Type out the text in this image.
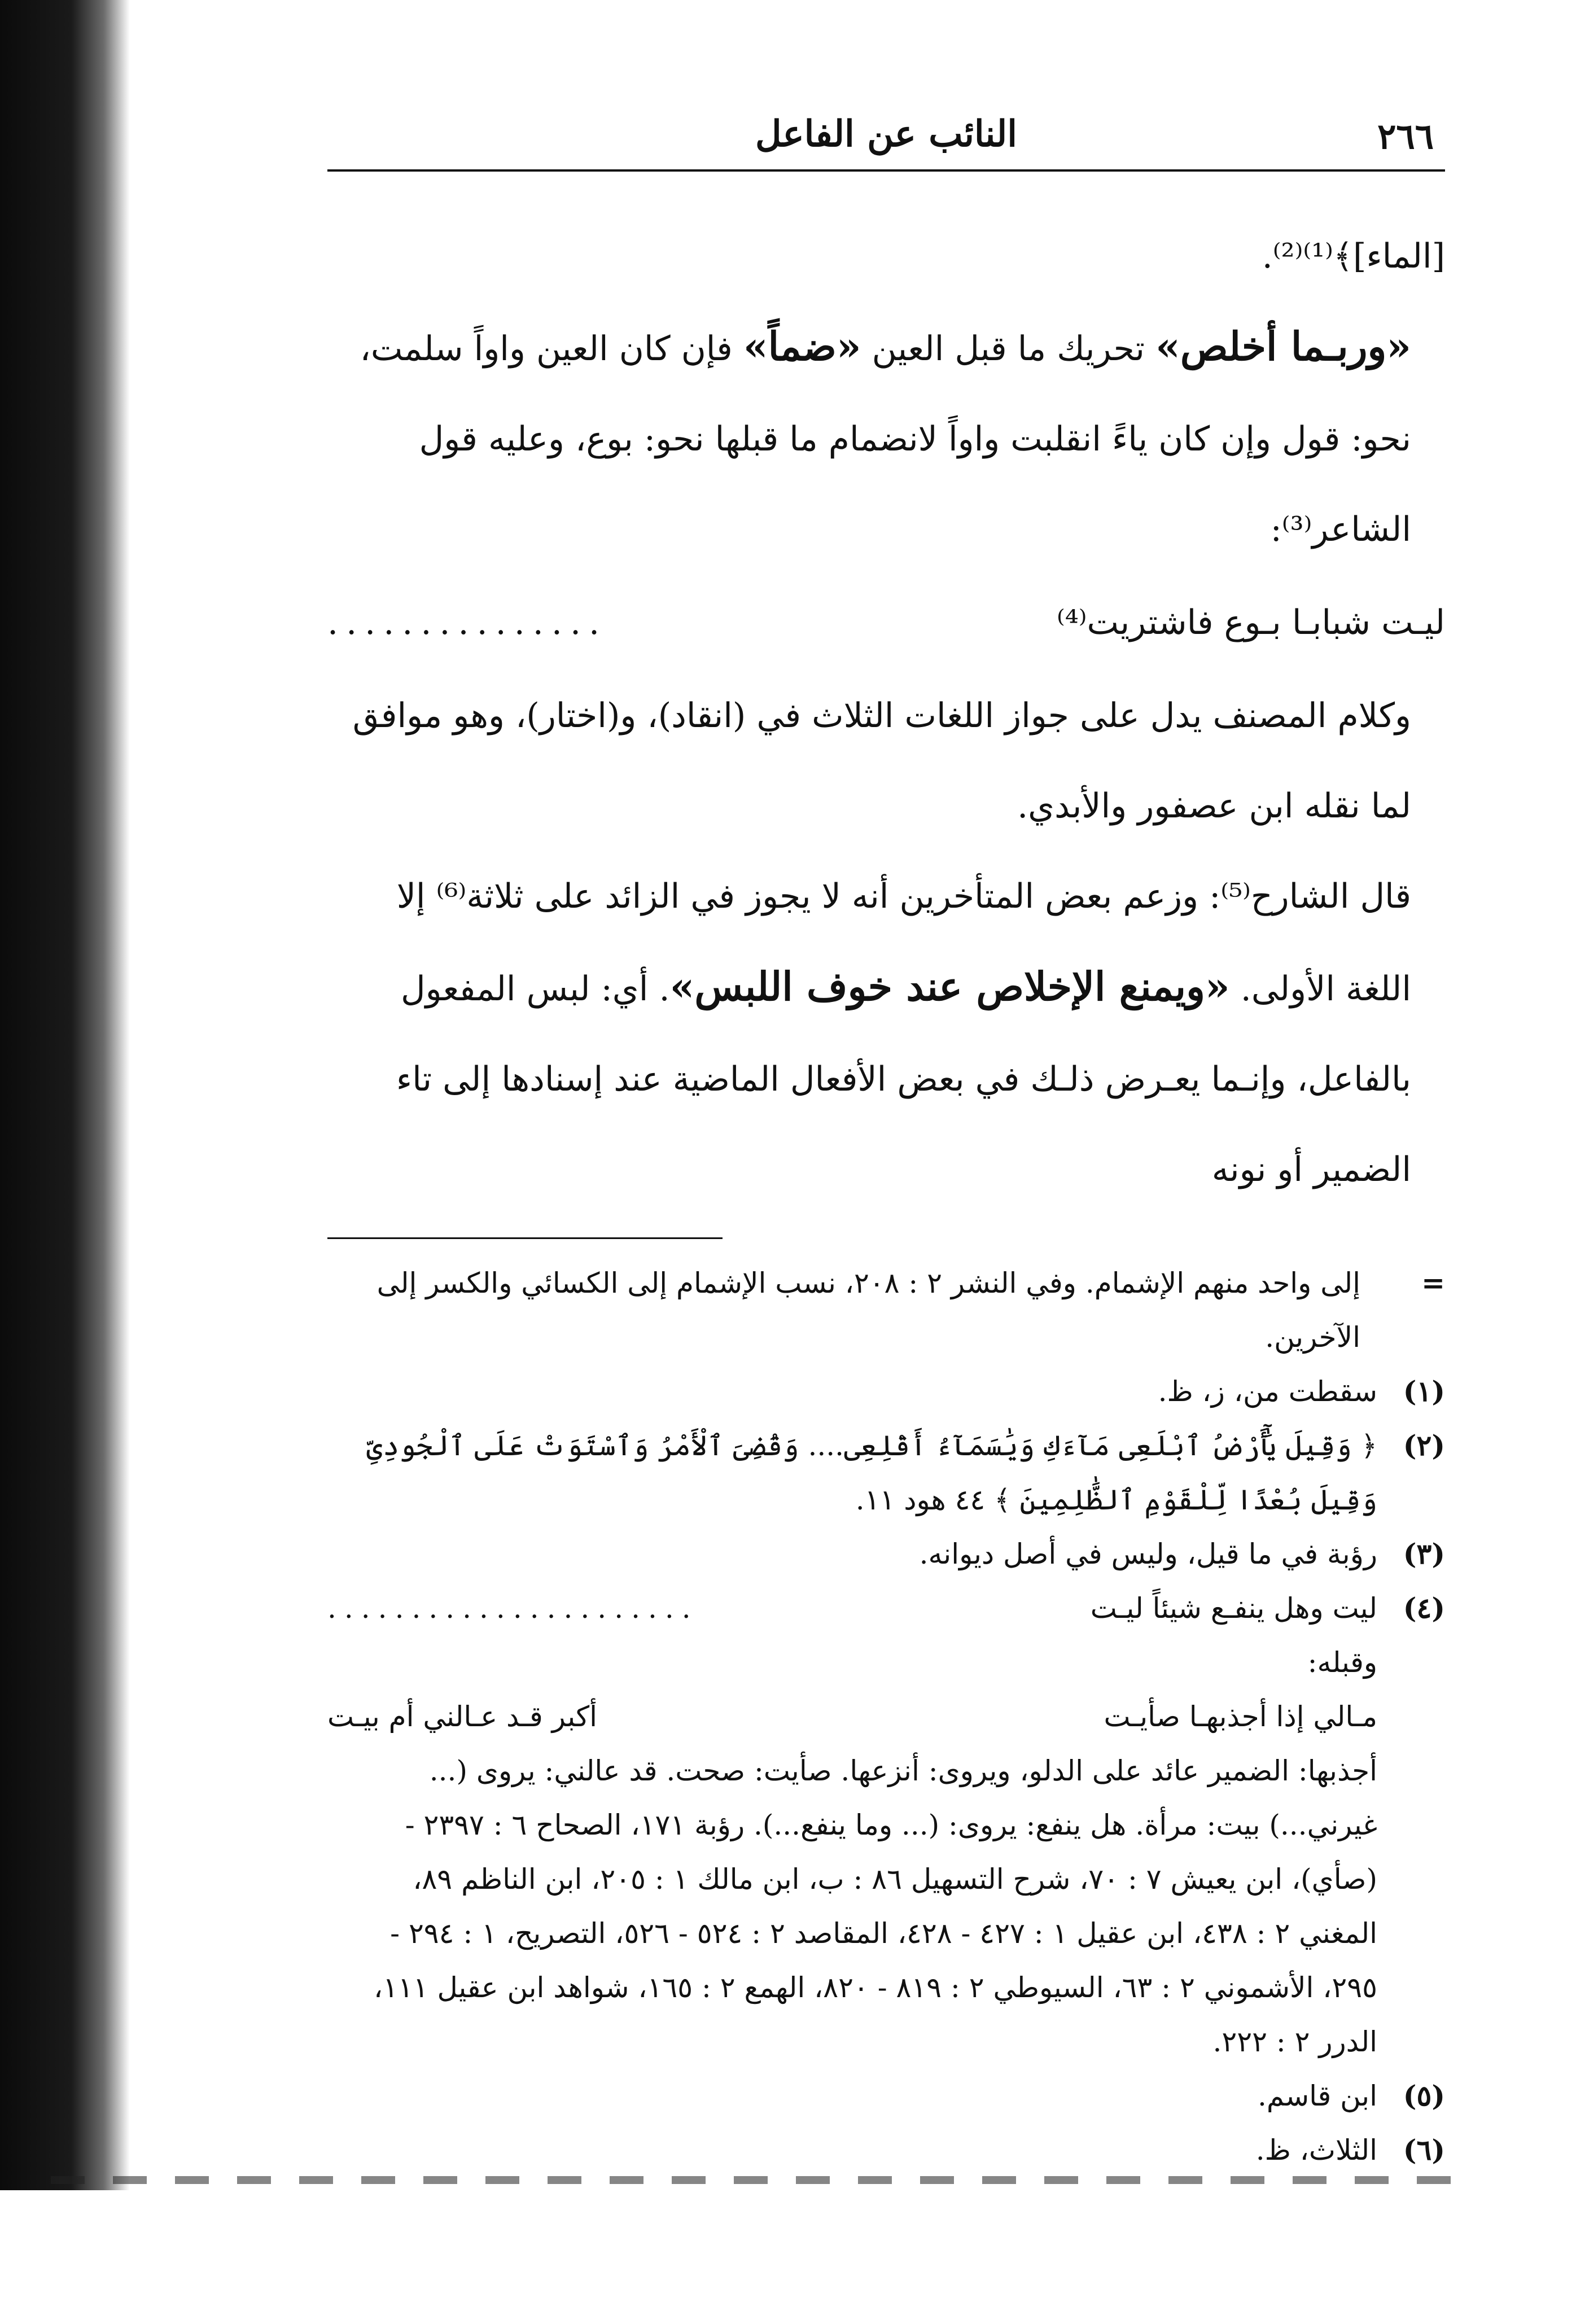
٢٦٦
النائب عن الفاعل

[الماء]﴾⁽¹⁾⁽²⁾.

«وربـما أخلص» تحريك ما قبل العين «ضماً» فإن كان العين واواً سلمت، نحو: قول وإن كان ياءً انقلبت واواً لانضمام ما قبلها نحو: بوع، وعليه قول الشاعر⁽³⁾:

ليـت شبابـا بـوع فاشتريت⁽⁴⁾
...............

وكلام المصنف يدل على جواز اللغات الثلاث في (انقاد)، و(اختار)، وهو موافق لما نقله ابن عصفور والأبدي.

قال الشارح⁽⁵⁾: وزعم بعض المتأخرين أنه لا يجوز في الزائد على ثلاثة⁽⁶⁾ إلا اللغة الأولى. «ويمنع الإخلاص عند خوف اللبس». أي: لبس المفعول بالفاعل، وإنـما يعـرض ذلـك في بعض الأفعال الماضية عند إسنادها إلى تاء الضمير أو نونه

=
إلى واحد منهم الإشمام. وفي النشر ٢ : ٢٠٨، نسب الإشمام إلى الكسائي والكسر إلى الآخرين.
(١)
سقطت من، ز، ظ.
(٢)
﴿ وَقِيلَ يَٰٓأَرْضُ ٱبْلَعِى مَآءَكِ وَيَٰسَمَآءُ أَقْلِعِى.... وَقُضِىَ ٱلْأَمْرُ وَٱسْتَوَتْ عَلَى ٱلْجُودِىِّ وَقِيلَ بُعْدًا لِّلْقَوْمِ ٱلظَّٰلِمِينَ ﴾ ٤٤ هود ١١.
(٣)
رؤبة في ما قيل، وليس في أصل ديوانه.
(٤)
ليت وهل ينفـع شيئاً ليـت
......................
وقبله:
مـالي إذا أجذبهـا صأيـت
أكبر قـد عـالني أم بيـت
أجذبها: الضمير عائد على الدلو، ويروى: أنزعها. صأيت: صحت. قد عالني: يروى (... غيرني...) بيت: مرأة. هل ينفع: يروى: (... وما ينفع...). رؤبة ١٧١، الصحاح ٦ : ٢٣٩٧ - (صأي)، ابن يعيش ٧ : ٧٠، شرح التسهيل ٨٦ : ب، ابن مالك ١ : ٢٠٥، ابن الناظم ٨٩، المغني ٢ : ٤٣٨، ابن عقيل ١ : ٤٢٧ - ٤٢٨، المقاصد ٢ : ٥٢٤ - ٥٢٦، التصريح، ١ : ٢٩٤ - ٢٩٥، الأشموني ٢ : ٦٣، السيوطي ٢ : ٨١٩ - ٨٢٠، الهمع ٢ : ١٦٥، شواهد ابن عقيل ١١١، الدرر ٢ : ٢٢٢.
(٥)
ابن قاسم.
(٦)
الثلاث، ظ.
